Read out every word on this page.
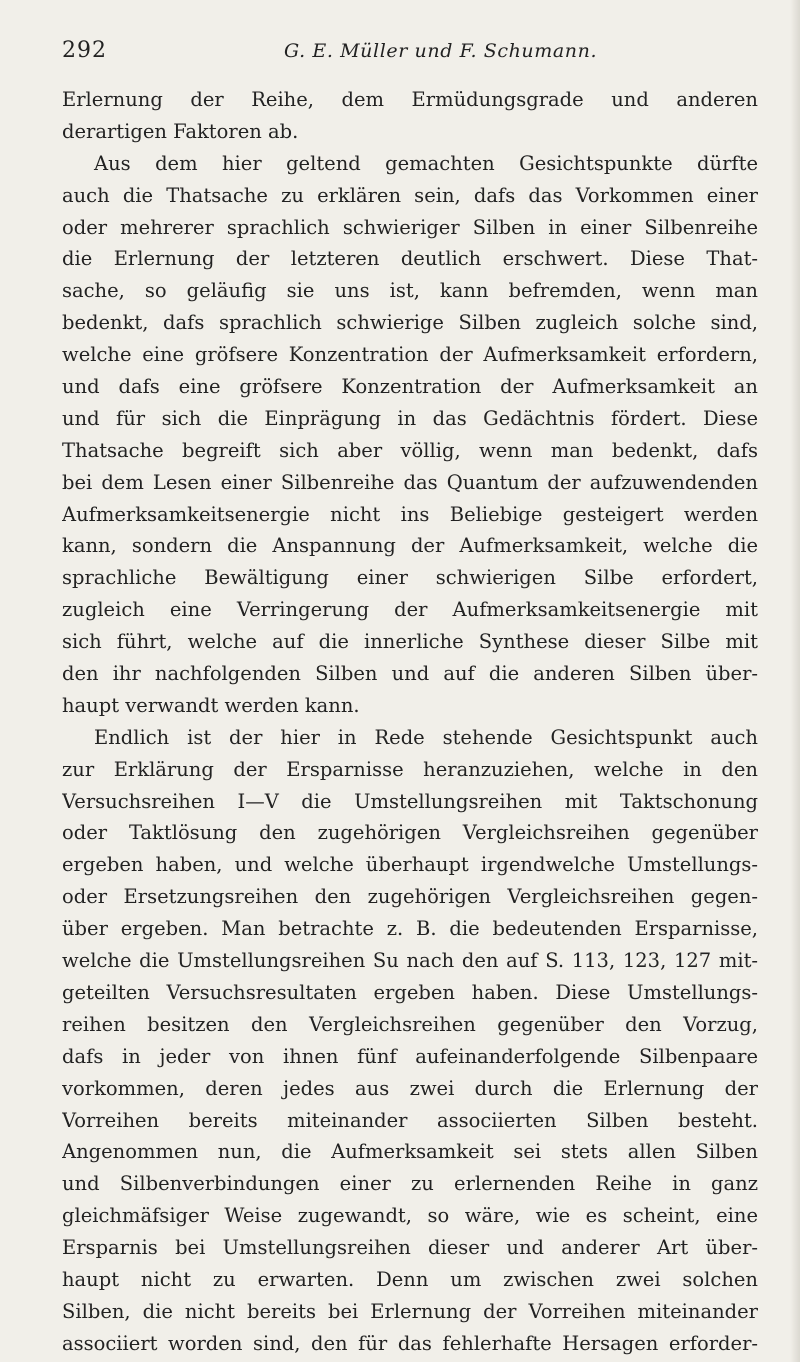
292	G. E. Müller und F. Schumann.
Erlernung der Reihe, dem Ermüdungsgrade und anderen
derartigen Faktoren ab.
Aus dem hier geltend gemachten Gesichtspunkte dürfte
auch die Thatsache zu erklären sein, dafs das Vorkommen einer
oder mehrerer sprachlich schwieriger Silben in einer Silbenreihe
die Erlernung der letzteren deutlich erschwert. Diese That-
sache, so geläufig sie uns ist, kann befremden, wenn man
bedenkt, dafs sprachlich schwierige Silben zugleich solche sind,
welche eine gröfsere Konzentration der Aufmerksamkeit erfordern,
und dafs eine gröfsere Konzentration der Aufmerksamkeit an
und für sich die Einprägung in das Gedächtnis fördert. Diese
Thatsache begreift sich aber völlig, wenn man bedenkt, dafs
bei dem Lesen einer Silbenreihe das Quantum der aufzuwendenden
Aufmerksamkeitsenergie nicht ins Beliebige gesteigert werden
kann, sondern die Anspannung der Aufmerksamkeit, welche die
sprachliche Bewältigung einer schwierigen Silbe erfordert,
zugleich eine Verringerung der Aufmerksamkeitsenergie mit
sich führt, welche auf die innerliche Synthese dieser Silbe mit
den ihr nachfolgenden Silben und auf die anderen Silben über-
haupt verwandt werden kann.
Endlich ist der hier in Rede stehende Gesichtspunkt auch
zur Erklärung der Ersparnisse heranzuziehen, welche in den
Versuchsreihen I—V die Umstellungsreihen mit Taktschonung
oder Taktlösung den zugehörigen Vergleichsreihen gegenüber
ergeben haben, und welche überhaupt irgendwelche Umstellungs-
oder Ersetzungsreihen den zugehörigen Vergleichsreihen gegen-
über ergeben. Man betrachte z. B. die bedeutenden Ersparnisse,
welche die Umstellungsreihen Su nach den auf S. 113, 123, 127 mit-
geteilten Versuchsresultaten ergeben haben. Diese Umstellungs-
reihen besitzen den Vergleichsreihen gegenüber den Vorzug,
dafs in jeder von ihnen fünf aufeinanderfolgende Silbenpaare
vorkommen, deren jedes aus zwei durch die Erlernung der
Vorreihen bereits miteinander associierten Silben besteht.
Angenommen nun, die Aufmerksamkeit sei stets allen Silben
und Silbenverbindungen einer zu erlernenden Reihe in ganz
gleichmäfsiger Weise zugewandt, so wäre, wie es scheint, eine
Ersparnis bei Umstellungsreihen dieser und anderer Art über-
haupt nicht zu erwarten. Denn um zwischen zwei solchen
Silben, die nicht bereits bei Erlernung der Vorreihen miteinander
associiert worden sind, den für das fehlerhafte Hersagen erforder-
